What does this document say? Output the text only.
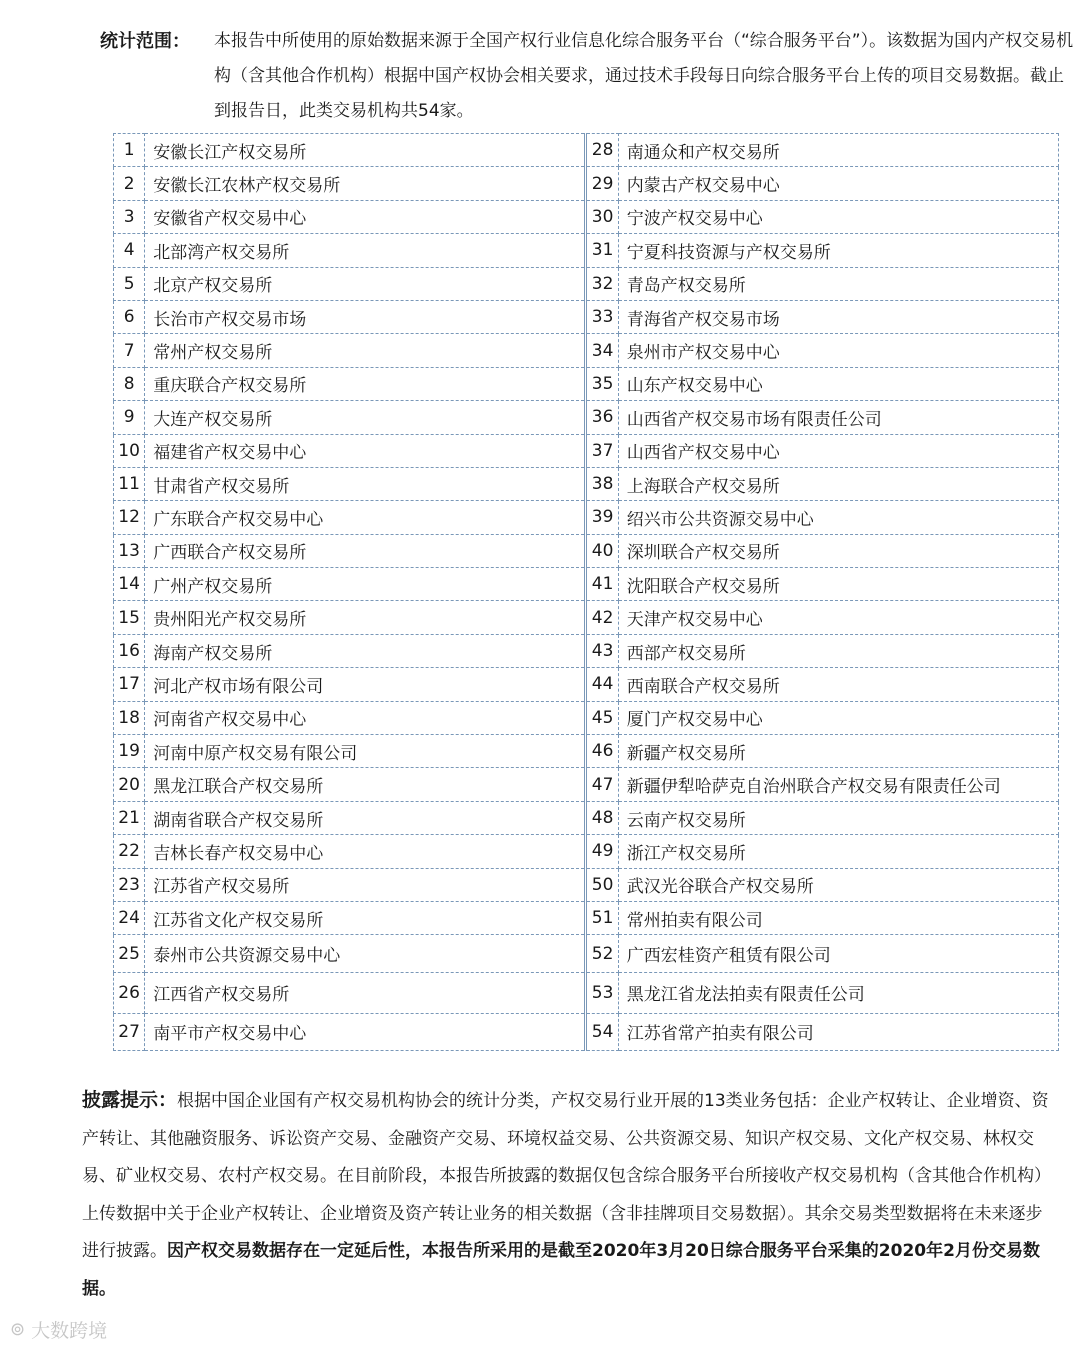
统计范围：	本报告中所使用的原始数据来源于全国产权行业信息化综合服务平台（“综合服务平台”）。该数据为国内产权交易机构（含其他合作机构）根据中国产权协会相关要求，通过技术手段每日向综合服务平台上传的项目交易数据。截止到报告日，此类交易机构共54家。
1	安徽长江产权交易所	28	南通众和产权交易所
2	安徽长江农林产权交易所	29	内蒙古产权交易中心
3	安徽省产权交易中心	30	宁波产权交易中心
4	北部湾产权交易所	31	宁夏科技资源与产权交易所
5	北京产权交易所	32	青岛产权交易所
6	长治市产权交易市场	33	青海省产权交易市场
7	常州产权交易所	34	泉州市产权交易中心
8	重庆联合产权交易所	35	山东产权交易中心
9	大连产权交易所	36	山西省产权交易市场有限责任公司
10	福建省产权交易中心	37	山西省产权交易中心
11	甘肃省产权交易所	38	上海联合产权交易所
12	广东联合产权交易中心	39	绍兴市公共资源交易中心
13	广西联合产权交易所	40	深圳联合产权交易所
14	广州产权交易所	41	沈阳联合产权交易所
15	贵州阳光产权交易所	42	天津产权交易中心
16	海南产权交易所	43	西部产权交易所
17	河北产权市场有限公司	44	西南联合产权交易所
18	河南省产权交易中心	45	厦门产权交易中心
19	河南中原产权交易有限公司	46	新疆产权交易所
20	黑龙江联合产权交易所	47	新疆伊犁哈萨克自治州联合产权交易有限责任公司
21	湖南省联合产权交易所	48	云南产权交易所
22	吉林长春产权交易中心	49	浙江产权交易所
23	江苏省产权交易所	50	武汉光谷联合产权交易所
24	江苏省文化产权交易所	51	常州拍卖有限公司
25	泰州市公共资源交易中心	52	广西宏桂资产租赁有限公司
26	江西省产权交易所	53	黑龙江省龙法拍卖有限责任公司
27	南平市产权交易中心	54	江苏省常产拍卖有限公司
披露提示：根据中国企业国有产权交易机构协会的统计分类，产权交易行业开展的13类业务包括：企业产权转让、企业增资、资产转让、其他融资服务、诉讼资产交易、金融资产交易、环境权益交易、公共资源交易、知识产权交易、文化产权交易、林权交易、矿业权交易、农村产权交易。在目前阶段，本报告所披露的数据仅包含综合服务平台所接收产权交易机构（含其他合作机构）上传数据中关于企业产权转让、企业增资及资产转让业务的相关数据（含非挂牌项目交易数据）。其余交易类型数据将在未来逐步进行披露。因产权交易数据存在一定延后性，本报告所采用的是截至2020年3月20日综合服务平台采集的2020年2月份交易数据。
⊚ 大数跨境
